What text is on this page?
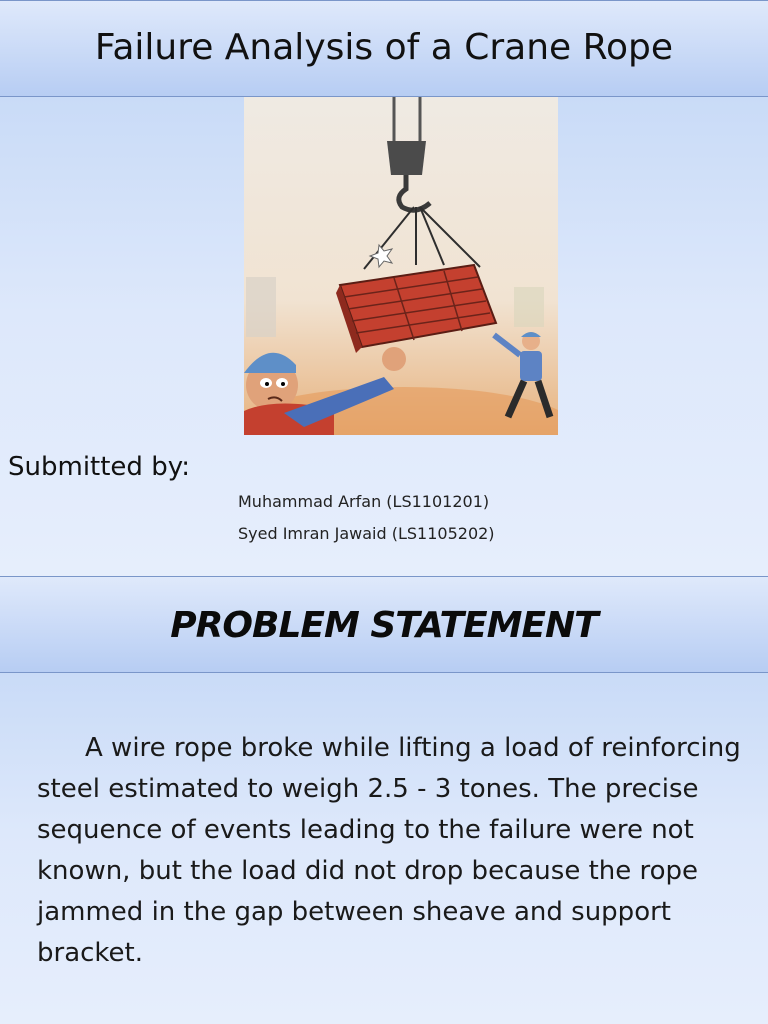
Failure Analysis of a Crane Rope
Submitted by:
Muhammad Arfan (LS1101201)
Syed Imran Jawaid (LS1105202)
PROBLEM STATEMENT

A wire rope broke while lifting a load of reinforcing steel estimated to weigh 2.5 - 3 tones. The precise sequence of events leading to the failure were not known, but the load did not drop because the rope jammed in the gap between sheave and support bracket.
